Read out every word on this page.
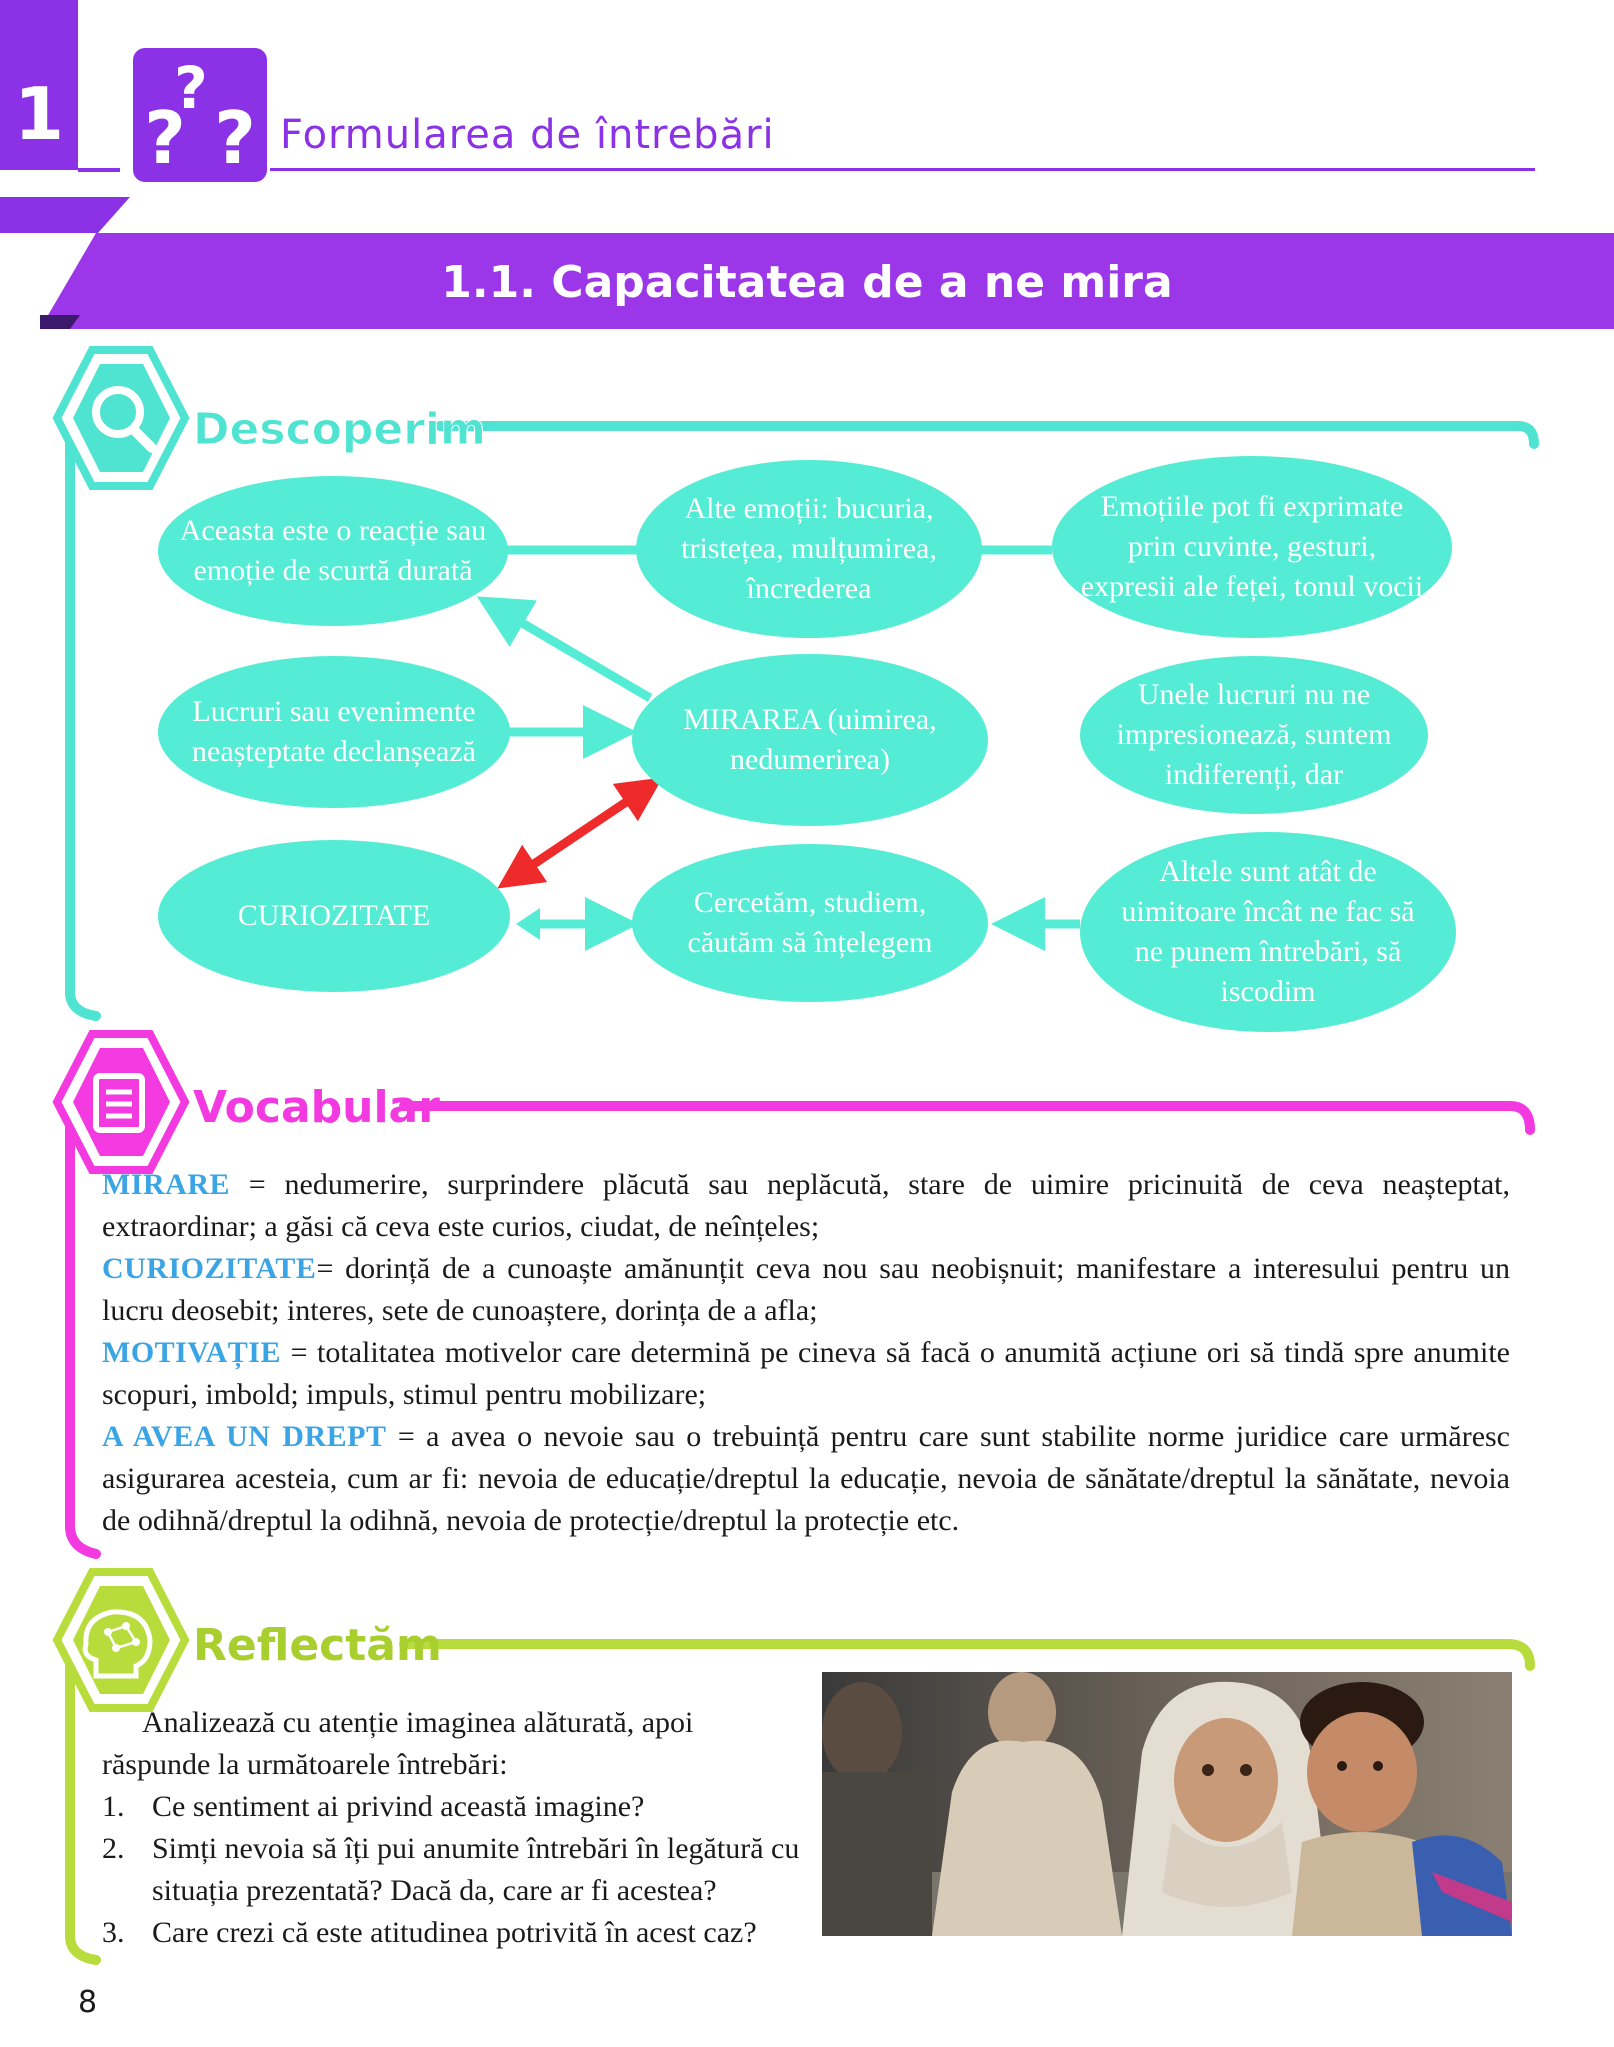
1 ?
? ? Formularea de întrebări
1.1. Capacitatea de a ne mira
Descoperim
Aceasta este o reacție sau emoție de scurtă durată
Alte emoții: bucuria, tristețea, mulțumirea, încrederea
Emoțiile pot fi exprimate prin cuvinte, gesturi, expresii ale feței, tonul vocii
Lucruri sau evenimente neașteptate declanșează
MIRAREA (uimirea, nedumerirea)
Unele lucruri nu ne impresionează, suntem indiferenți, dar
CURIOZITATE	Cercetăm, studiem, căutăm să înțelegem
Altele sunt atât de uimitoare încât ne fac să ne punem întrebări, să iscodim
Vocabular
MIRARE = nedumerire, surprindere plăcută sau neplăcută, stare de uimire pricinuită de ceva neașteptat, extraordinar; a găsi că ceva este curios, ciudat, de neînțeles;
CURIOZITATE= dorință de a cunoaște amănunțit ceva nou sau neobișnuit; manifestare a interesului pentru un lucru deosebit; interes, sete de cunoaștere, dorința de a afla;
MOTIVAȚIE = totalitatea motivelor care determină pe cineva să facă o anumită acțiune ori să tindă spre anumite scopuri, imbold; impuls, stimul pentru mobilizare;
A AVEA UN DREPT = a avea o nevoie sau o trebuință pentru care sunt stabilite norme juridice care urmăresc asigurarea acesteia, cum ar fi: nevoia de educație/dreptul la educație, nevoia de sănătate/dreptul la sănătate, nevoia de odihnă/dreptul la odihnă, nevoia de protecție/dreptul la protecție etc.
Reflectăm
Analizează cu atenție imaginea alăturată, apoi răspunde la următoarele întrebări:
1. Ce sentiment ai privind această imagine?
2. Simți nevoia să îți pui anumite întrebări în legătură cu situația prezentată? Dacă da, care ar fi acestea?
3. Care crezi că este atitudinea potrivită în acest caz?
8
